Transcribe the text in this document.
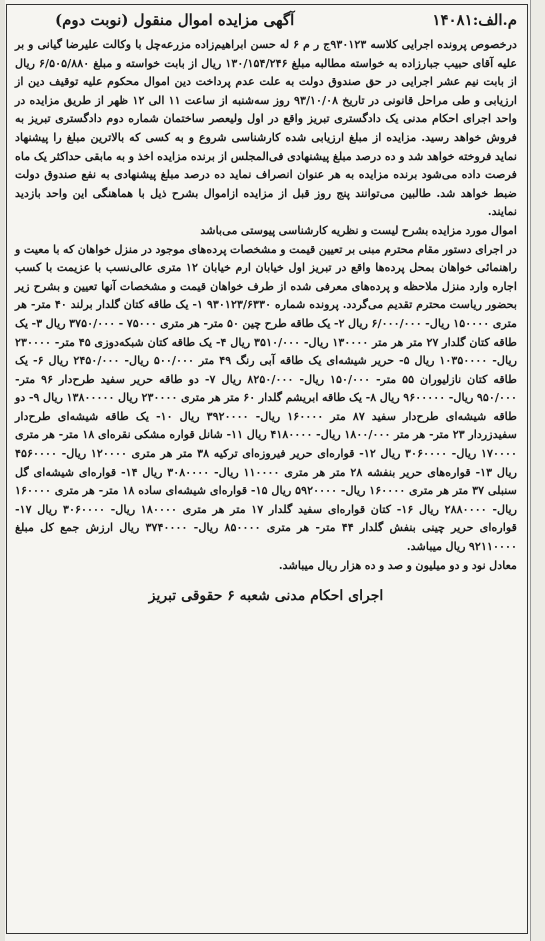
م.الف:۱۴۰۸۱
آگهی مزایده اموال منقول (نوبت دوم)

درخصوص پرونده اجرایی کلاسه ۹۳۰۱۲۳ج ر م ۶ له حسن ابراهیم‌زاده مزرعه‌چل با وکالت علیرضا گیانی و بر علیه آقای حبیب جبارزاده به خواسته مطالبه مبلغ ۱۳۰/۱۵۴/۲۴۶ ریال از بابت خواسته و مبلغ ۶/۵۰۵/۸۸۰ ریال از بابت نیم عشر اجرایی در حق صندوق دولت به علت عدم پرداخت دین اموال محکوم علیه توقیف دین از ارزیابی و طی مراحل قانونی در تاریخ ۹۳/۱۰/۰۸ روز سه‌شنبه از ساعت ۱۱ الی ۱۲ ظهر از طریق مزایده در واحد اجرای احکام مدنی یک دادگستری تبریز واقع در اول ولیعصر ساختمان شماره دوم دادگستری تبریز به فروش خواهد رسید. مزایده از مبلغ ارزیابی شده کارشناسی شروع و به کسی که بالاترین مبلغ را پیشنهاد نماید فروخته خواهد شد و ده درصد مبلغ پیشنهادی فی‌المجلس از برنده مزایده اخذ و به مابقی حداکثر یک ماه فرصت داده می‌شود برنده مزایده به هر عنوان انصراف نماید ده درصد مبلغ پیشنهادی به نفع صندوق دولت ضبط خواهد شد. طالبین می‌توانند پنج روز قبل از مزایده ازاموال بشرح ذیل با هماهنگی این واحد بازدید نمایند.

اموال مورد مزایده بشرح لیست و نظریه کارشناسی پیوستی می‌باشد

در اجرای دستور مقام محترم مبنی بر تعیین قیمت و مشخصات پرده‌های موجود در منزل خواهان که با معیت و راهنمائی خواهان بمحل پرده‌ها واقع در تبریز اول خیابان ارم خیابان ۱۲ متری عالی‌نسب با عزیمت با کسب اجاره وارد منزل ملاحظه و پرده‌های معرفی شده از طرف خواهان قیمت و مشخصات آنها تعیین و بشرح زیر بحضور ریاست محترم تقدیم می‌گردد. پرونده شماره ۹۳۰۱۲۳/۶۳۳۰ ۱- یک طاقه کتان گلدار برلند ۴۰ متر- هر متری ۱۵۰۰۰۰ ریال- ۶/۰۰۰/۰۰۰ ریال ۲- یک طاقه طرح چین ۵۰ متر- هر متری ۷۵۰۰۰ - ۳۷۵۰/۰۰۰ ریال ۳- یک طاقه کتان گلدار ۲۷ متر هر متر ۱۳۰۰۰۰ ریال- ۳۵۱۰/۰۰۰ ریال ۴- یک طاقه کتان شبکه‌دوزی ۴۵ متر- ۲۳۰۰۰۰ ریال- ۱۰۳۵۰۰۰۰ ریال ۵- حریر شیشه‌ای یک طاقه آبی رنگ ۴۹ متر ۵۰۰/۰۰۰ ریال- ۲۴۵۰/۰۰۰ ریال ۶- یک طاقه کتان نازلیوران ۵۵ متر- ۱۵۰/۰۰۰ ریال- ۸۲۵۰/۰۰۰ ریال ۷- دو طاقه حریر سفید طرح‌دار ۹۶ متر- ۹۵۰/۰۰۰ ریال- ۹۶۰۰۰۰۰ ریال ۸- یک طاقه ابریشم گلدار ۶۰ متر هر متری ۲۳۰۰۰۰ ریال ۱۳۸۰۰۰۰۰ ریال ۹- دو طاقه شیشه‌ای طرح‌دار سفید ۸۷ متر ۱۶۰۰۰۰ ریال- ۳۹۲۰۰۰۰ ریال ۱۰- یک طاقه شیشه‌ای طرح‌دار سفیدزردار ۲۳ متر- هر متر ۱۸۰۰/۰۰۰ ریال- ۴۱۸۰۰۰۰ ریال ۱۱- شانل قواره مشکی نقره‌ای ۱۸ متر- هر متری ۱۷۰۰۰۰ ریال- ۳۰۶۰۰۰۰ ریال ۱۲- قواره‌ای حریر فیروزه‌ای ترکیه ۳۸ متر هر متری ۱۲۰۰۰۰ ریال- ۴۵۶۰۰۰۰ ریال ۱۳- قواره‌های حریر بنفشه ۲۸ متر هر متری ۱۱۰۰۰۰ ریال- ۳۰۸۰۰۰۰ ریال ۱۴- قواره‌ای شیشه‌ای گل سنبلی ۳۷ متر هر متری ۱۶۰۰۰۰ ریال- ۵۹۲۰۰۰۰ ریال ۱۵- قواره‌ای شیشه‌ای ساده ۱۸ متر- هر متری ۱۶۰۰۰۰ ریال- ۲۸۸۰۰۰۰ ریال ۱۶- کتان قواره‌ای سفید گلدار ۱۷ متر هر متری ۱۸۰۰۰۰ ریال- ۳۰۶۰۰۰۰ ریال ۱۷- قواره‌ای حریر چینی بنفش گلدار ۴۴ متر- هر متری ۸۵۰۰۰۰ ریال- ۳۷۴۰۰۰۰ ریال ارزش جمع کل مبلغ ۹۲۱۱۰۰۰۰ ریال میباشد.

معادل نود و دو میلیون و صد و ده هزار ریال میباشد.

اجرای احکام مدنی شعبه ۶ حقوقی تبریز
